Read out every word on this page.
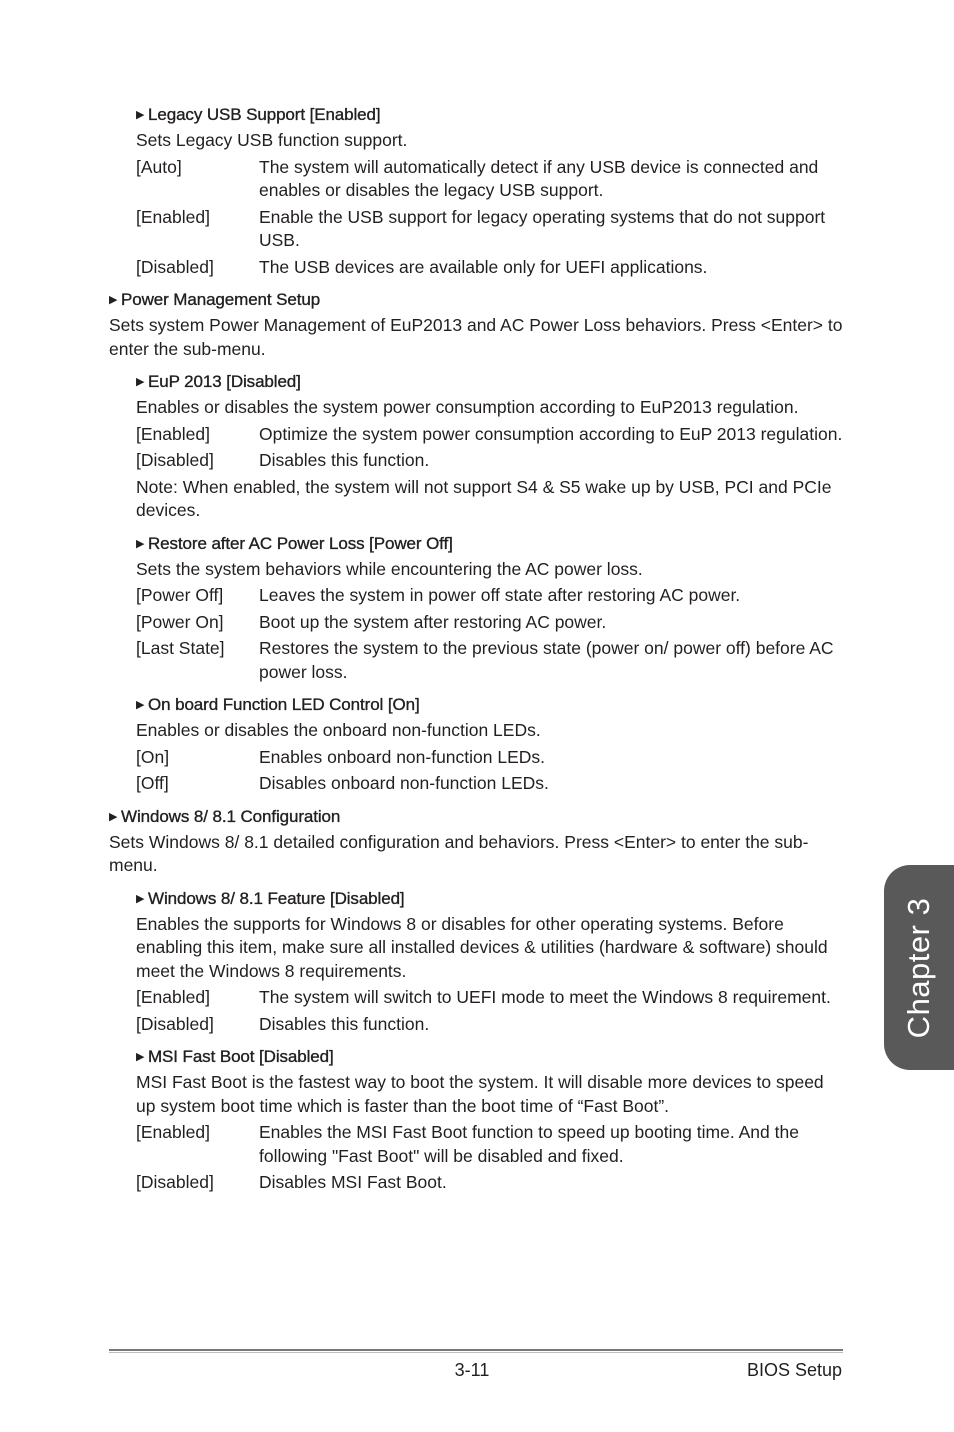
▶ Legacy USB Support [Enabled]
Sets Legacy USB function support.
[Auto]	The system will automatically detect if any USB device is connected and enables or disables the legacy USB support.
[Enabled]	Enable the USB support for legacy operating systems that do not support USB.
[Disabled]	The USB devices are available only for UEFI applications.
▶ Power Management Setup
Sets system Power Management of EuP2013 and AC Power Loss behaviors. Press <Enter> to enter the sub-menu.
▶ EuP 2013 [Disabled]
Enables or disables the system power consumption according to EuP2013 regulation.
[Enabled]	Optimize the system power consumption according to EuP 2013 regulation.
[Disabled]	Disables this function.
Note: When enabled, the system will not support S4 & S5 wake up by USB, PCI and PCIe devices.
▶ Restore after AC Power Loss [Power Off]
Sets the system behaviors while encountering the AC power loss.
[Power Off]	Leaves the system in power off state after restoring AC power.
[Power On]	Boot up the system after restoring AC power.
[Last State]	Restores the system to the previous state (power on/ power off) before AC power loss.
▶ On board Function LED Control [On]
Enables or disables the onboard non-function LEDs.
[On]	Enables onboard non-function LEDs.
[Off]	Disables onboard non-function LEDs.
▶ Windows 8/ 8.1 Configuration
Sets Windows 8/ 8.1 detailed configuration and behaviors. Press <Enter> to enter the sub-menu.
▶ Windows 8/ 8.1 Feature [Disabled]
Enables the supports for Windows 8 or disables for other operating systems. Before enabling this item, make sure all installed devices & utilities (hardware & software) should meet the Windows 8 requirements.
[Enabled]	The system will switch to UEFI mode to meet the Windows 8 requirement.
[Disabled]	Disables this function.
▶ MSI Fast Boot [Disabled]
MSI Fast Boot is the fastest way to boot the system. It will disable more devices to speed up system boot time which is faster than the boot time of “Fast Boot”.
[Enabled]	Enables the MSI Fast Boot function to speed up booting time. And the following "Fast Boot" will be disabled and fixed.
[Disabled]	Disables MSI Fast Boot.
3-11	BIOS Setup
Chapter 3
